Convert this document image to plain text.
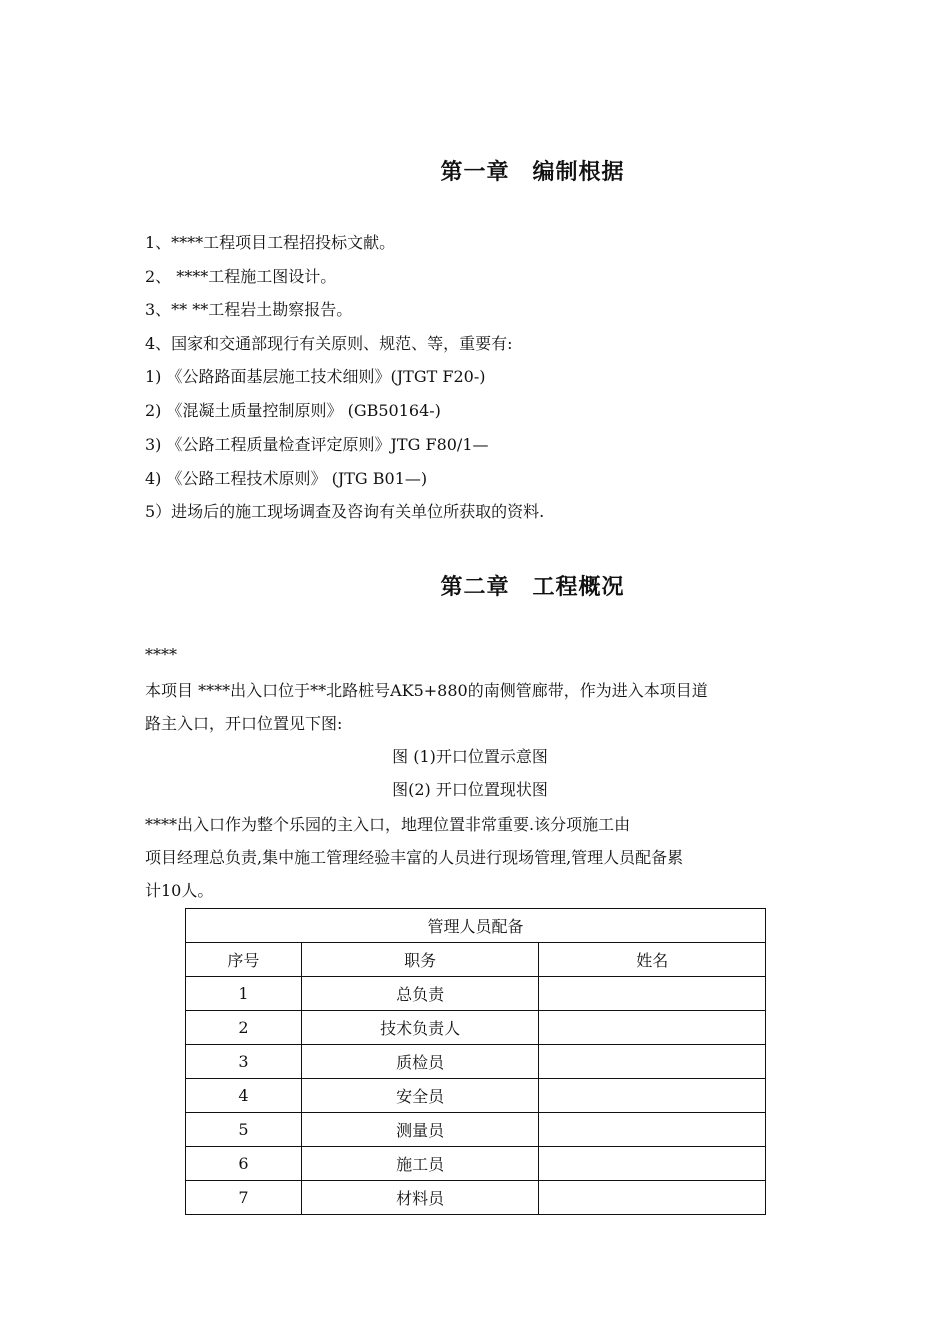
第一章　编制根据

1、****工程项目工程招投标文献。

2、 ****工程施工图设计。

3、** **工程岩土勘察报告。

4、国家和交通部现行有关原则、规范、等，重要有:

1) 《公路路面基层施工技术细则》(JTGT F20-)

2) 《混凝土质量控制原则》 (GB50164-)

3) 《公路工程质量检查评定原则》JTG F80/1—

4) 《公路工程技术原则》 (JTG B01—)

5）进场后的施工现场调查及咨询有关单位所获取的资料.

第二章　工程概况

****

本项目 ****出入口位于**北路桩号AK5+880的南侧管廊带，作为进入本项目道

路主入口，开口位置见下图:

图 (1)开口位置示意图

图(2) 开口位置现状图

****出入口作为整个乐园的主入口，地理位置非常重要.该分项施工由

项目经理总负责,集中施工管理经验丰富的人员进行现场管理,管理人员配备累

计10人。

管理人员配备		
序号	职务	姓名
1	总负责	
2	技术负责人	
3	质检员	
4	安全员	
5	测量员	
6	施工员	
7	材料员	
